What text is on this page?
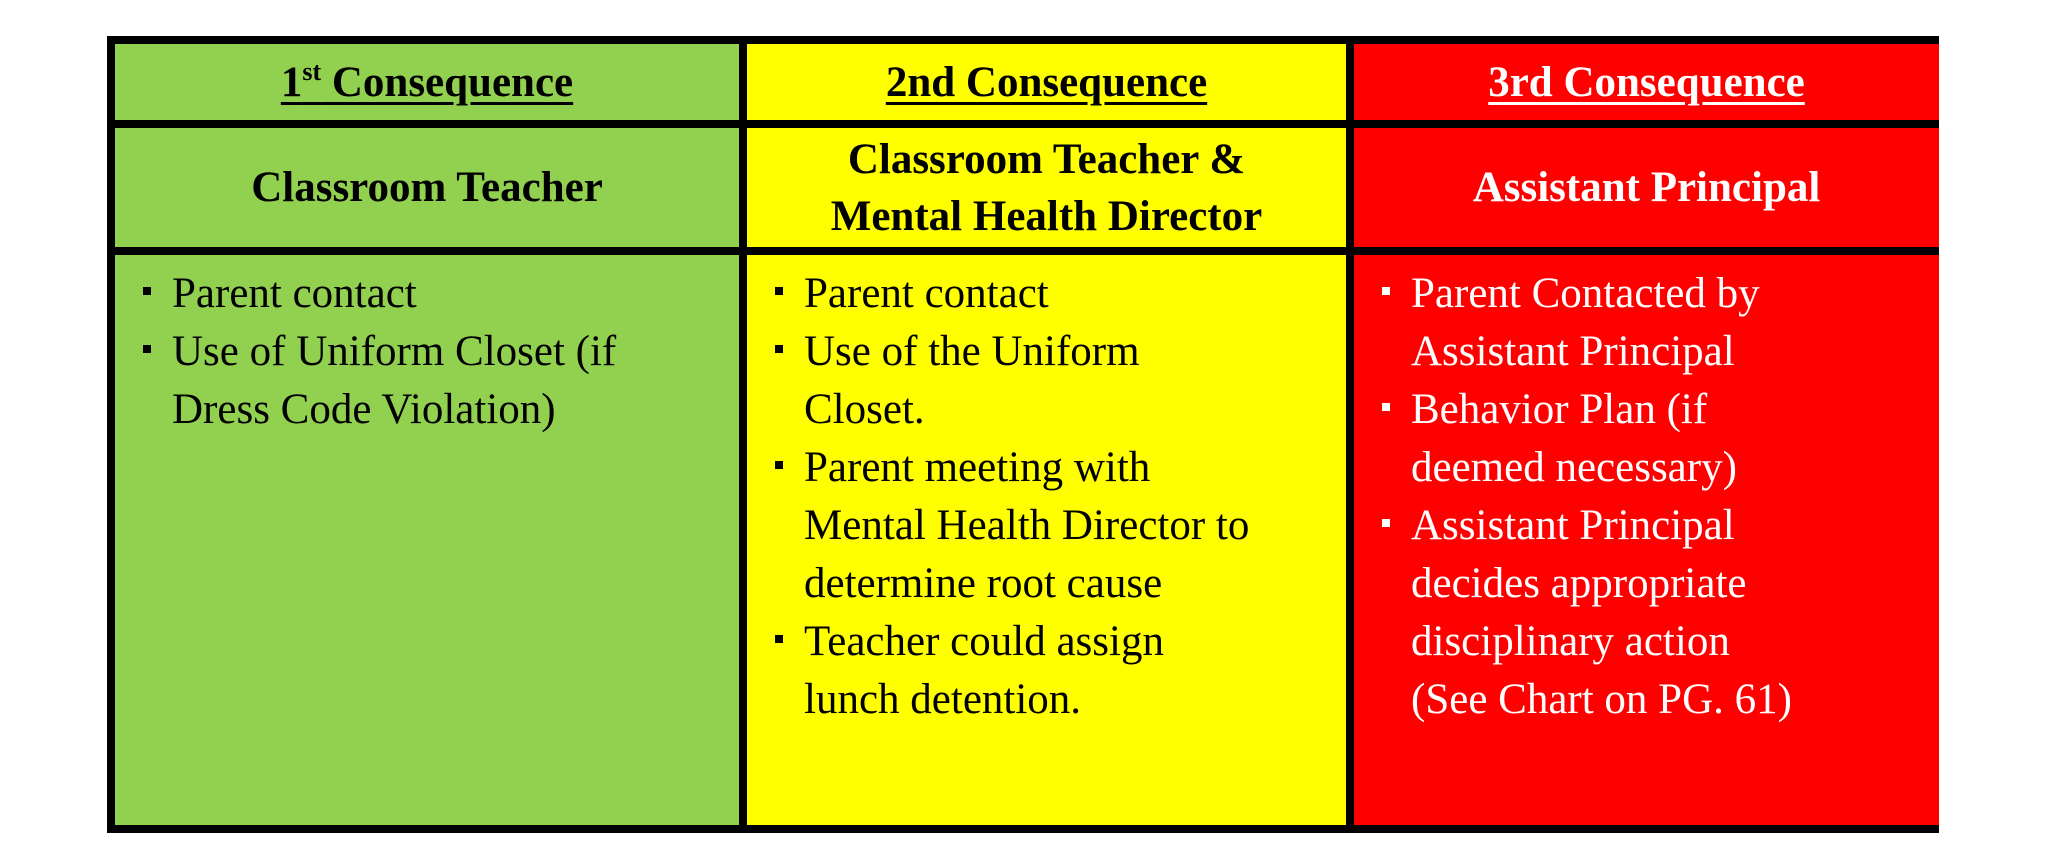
1st Consequence	2nd Consequence	3rd Consequence
Classroom Teacher
Classroom Teacher &
Mental Health Director
Assistant Principal
Parent contact
Use of Uniform Closet (if
Dress Code Violation)
Parent contact
Use of the Uniform
Closet.
Parent meeting with
Mental Health Director to
determine root cause
Teacher could assign
lunch detention.
Parent Contacted by
Assistant Principal
Behavior Plan (if
deemed necessary)
Assistant Principal
decides appropriate
disciplinary action
(See Chart on PG. 61)
